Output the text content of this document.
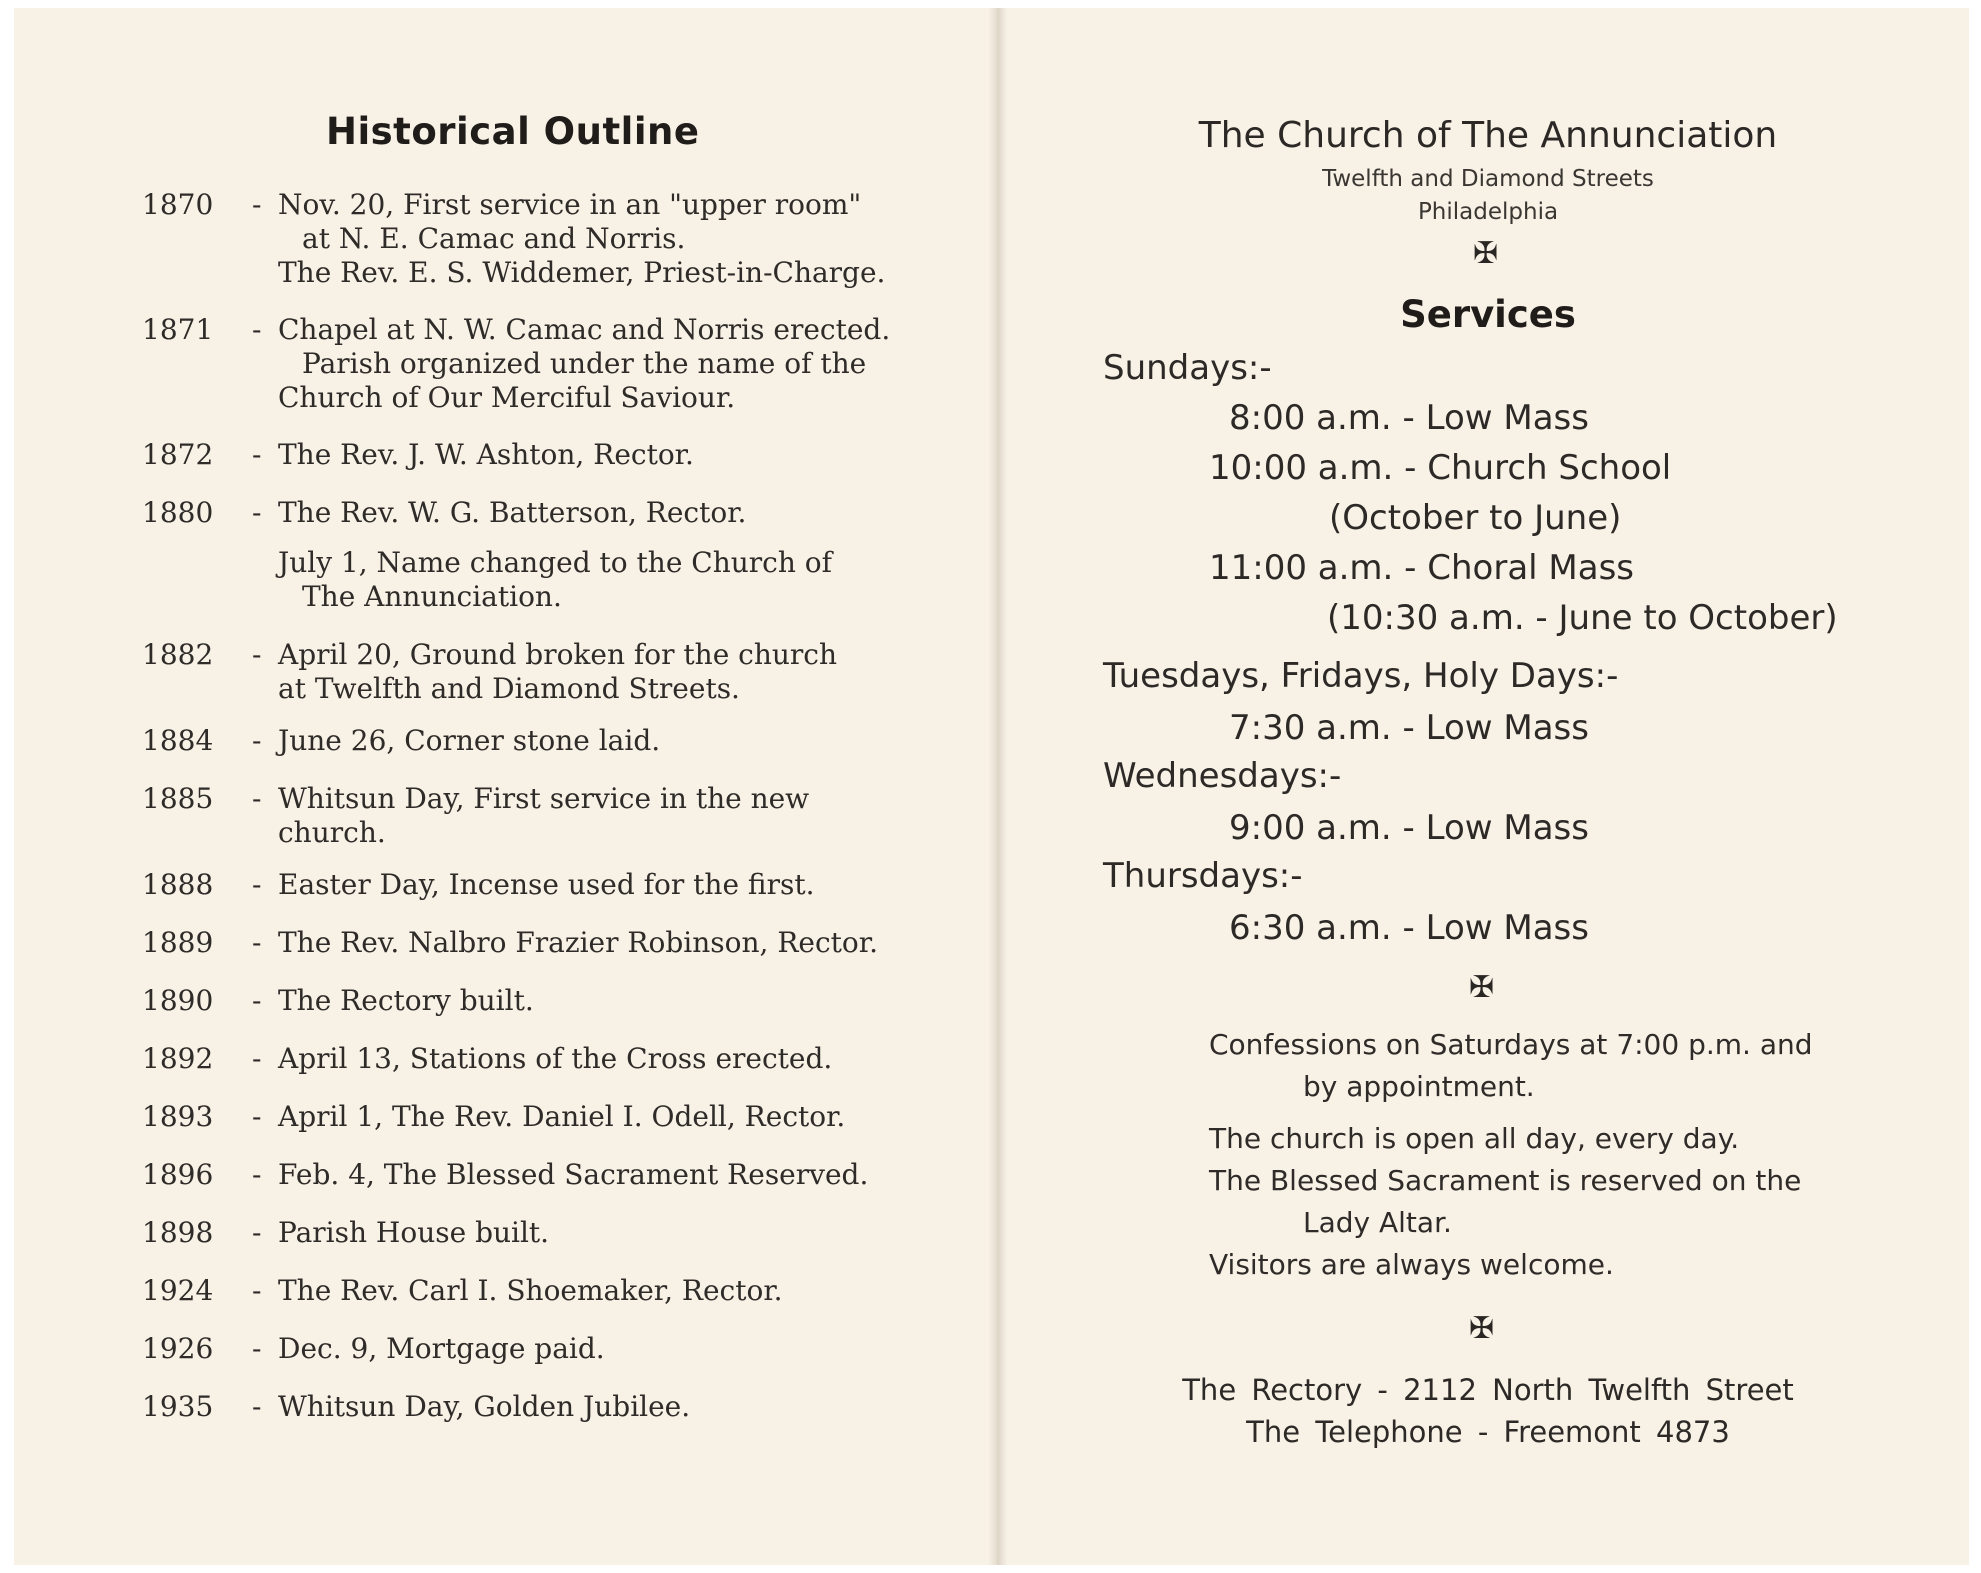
Historical Outline
1870 - Nov. 20, First service in an "upper room"
at N. E. Camac and Norris.
The Rev. E. S. Widdemer, Priest-in-Charge.
1871 - Chapel at N. W. Camac and Norris erected.
Parish organized under the name of the
Church of Our Merciful Saviour.
1872 - The Rev. J. W. Ashton, Rector.
1880 - The Rev. W. G. Batterson, Rector.
July 1, Name changed to the Church of
The Annunciation.
1882 - April 20, Ground broken for the church
at Twelfth and Diamond Streets.
1884 - June 26, Corner stone laid.
1885 - Whitsun Day, First service in the new
church.
1888 - Easter Day, Incense used for the first.
1889 - The Rev. Nalbro Frazier Robinson, Rector.
1890 - The Rectory built.
1892 - April 13, Stations of the Cross erected.
1893 - April 1, The Rev. Daniel I. Odell, Rector.
1896 - Feb. 4, The Blessed Sacrament Reserved.
1898 - Parish House built.
1924 - The Rev. Carl I. Shoemaker, Rector.
1926 - Dec. 9, Mortgage paid.
1935 - Whitsun Day, Golden Jubilee.
The Church of The Annunciation
Twelfth and Diamond Streets
Philadelphia
✠
Services
Sundays:-
8:00 a.m. - Low Mass
10:00 a.m. - Church School
(October to June)
11:00 a.m. - Choral Mass
(10:30 a.m. - June to October)
Tuesdays, Fridays, Holy Days:-
7:30 a.m. - Low Mass
Wednesdays:-
9:00 a.m. - Low Mass
Thursdays:-
6:30 a.m. - Low Mass
✠
Confessions on Saturdays at 7:00 p.m. and
by appointment.
The church is open all day, every day.
The Blessed Sacrament is reserved on the
Lady Altar.
Visitors are always welcome.
✠
The Rectory - 2112 North Twelfth Street
The Telephone - Freemont 4873
